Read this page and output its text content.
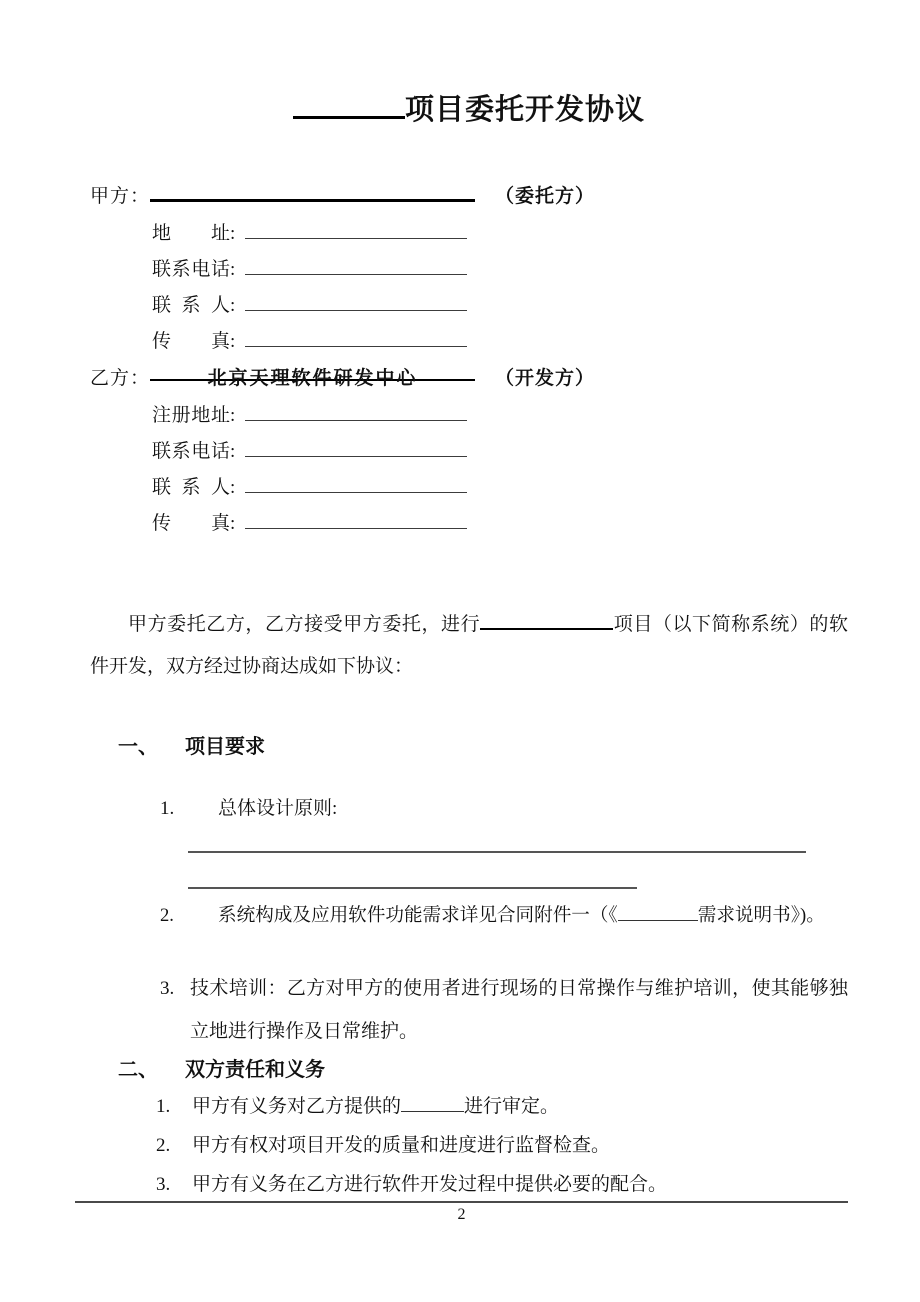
项目委托开发协议
甲方：	（委托方）
地址:
联系电话:
联系人:
传真:
乙方：	北京天理软件研发中心	（开发方）
注册地址:
联系电话:
联系人:
传真:

甲方委托乙方，乙方接受甲方委托，进行	项目（以下简称系统）的软件开发，双方经过协商达成如下协议：

一、 项目要求
1.	总体设计原则:
2.	系统构成及应用软件功能需求详见合同附件一（《	需求说明书》)。
3. 技术培训：乙方对甲方的使用者进行现场的日常操作与维护培训，使其能够独立地进行操作及日常维护。
二、 双方责任和义务
1.	甲方有义务对乙方提供的	进行审定。
2.	甲方有权对项目开发的质量和进度进行监督检查。
3.	甲方有义务在乙方进行软件开发过程中提供必要的配合。
2
